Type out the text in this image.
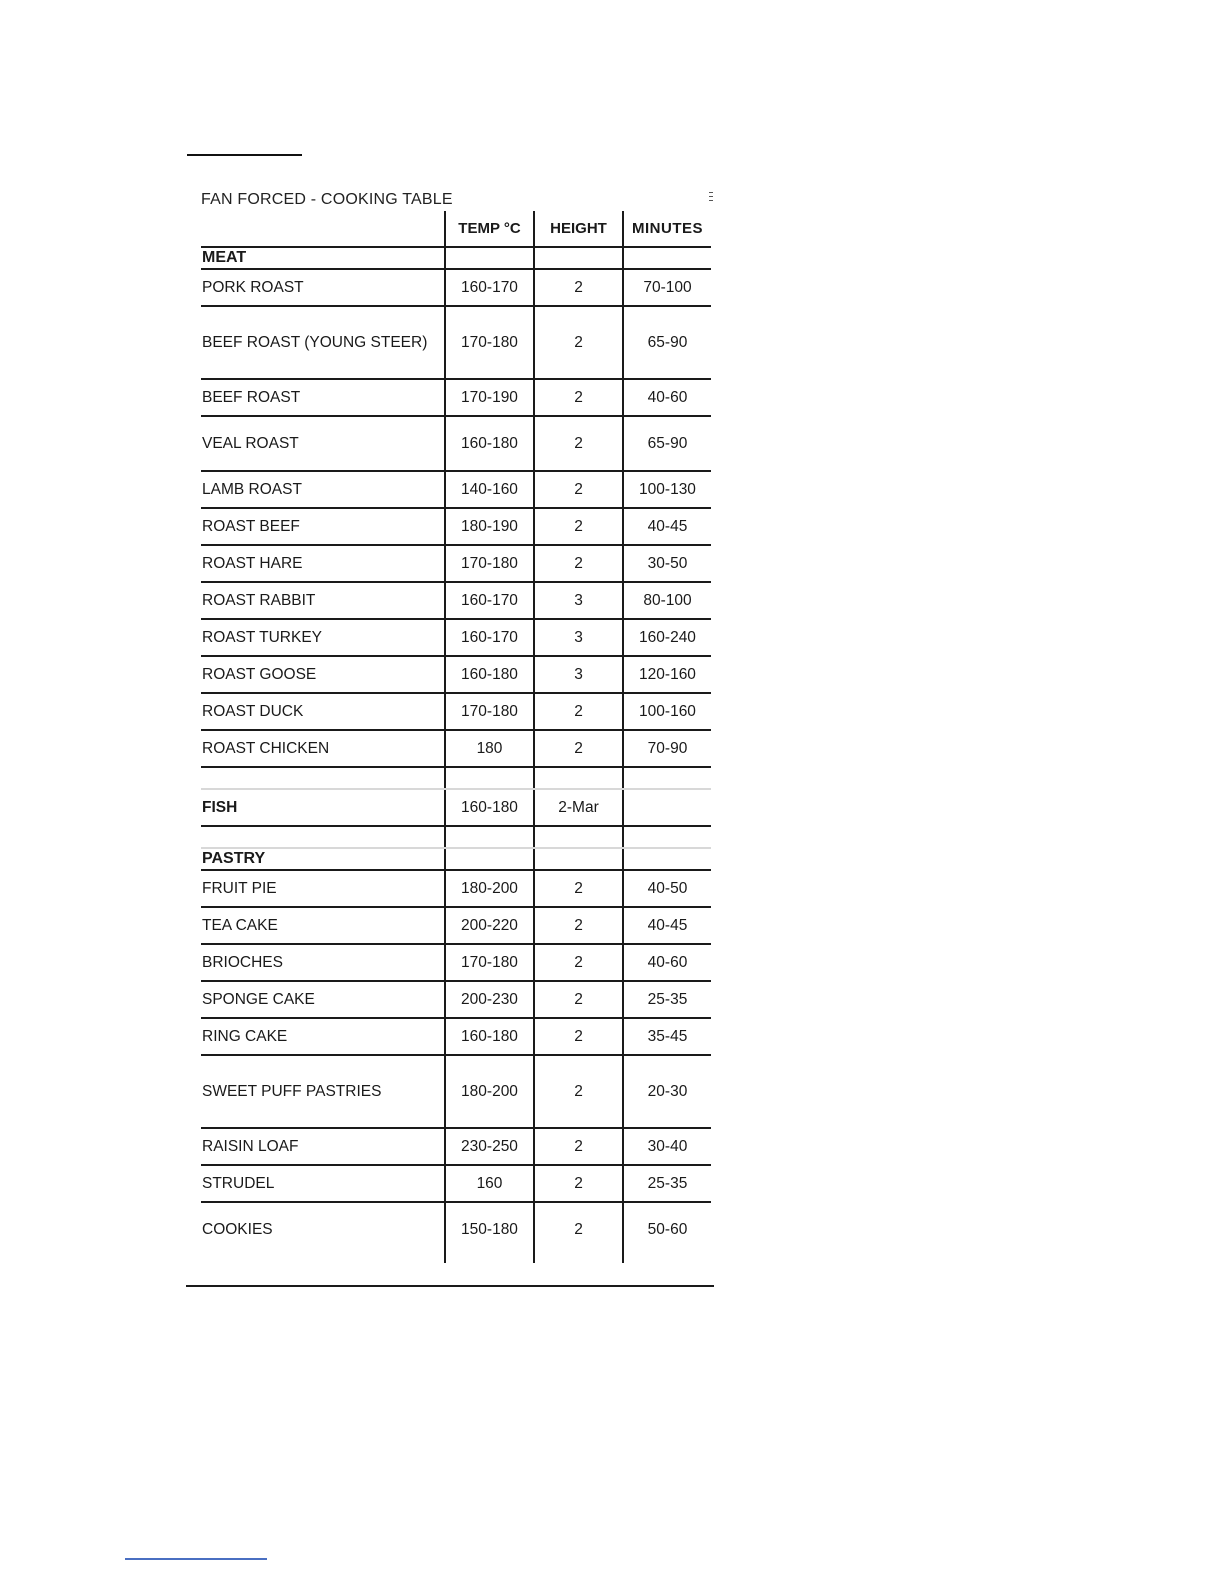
FAN FORCED - COOKING TABLE
	TEMP °C	HEIGHT	MINUTES
MEAT			
PORK ROAST	160-170	2	70-100
BEEF ROAST (YOUNG STEER)	170-180	2	65-90
BEEF ROAST	170-190	2	40-60
VEAL ROAST	160-180	2	65-90
LAMB ROAST	140-160	2	100-130
ROAST BEEF	180-190	2	40-45
ROAST HARE	170-180	2	30-50
ROAST RABBIT	160-170	3	80-100
ROAST TURKEY	160-170	3	160-240
ROAST GOOSE	160-180	3	120-160
ROAST DUCK	170-180	2	100-160
ROAST CHICKEN	180	2	70-90

FISH	160-180	2-Mar	

PASTRY			
FRUIT PIE	180-200	2	40-50
TEA CAKE	200-220	2	40-45
BRIOCHES	170-180	2	40-60
SPONGE CAKE	200-230	2	25-35
RING CAKE	160-180	2	35-45
SWEET PUFF PASTRIES	180-200	2	20-30
RAISIN LOAF	230-250	2	30-40
STRUDEL	160	2	25-35
COOKIES	150-180	2	50-60
